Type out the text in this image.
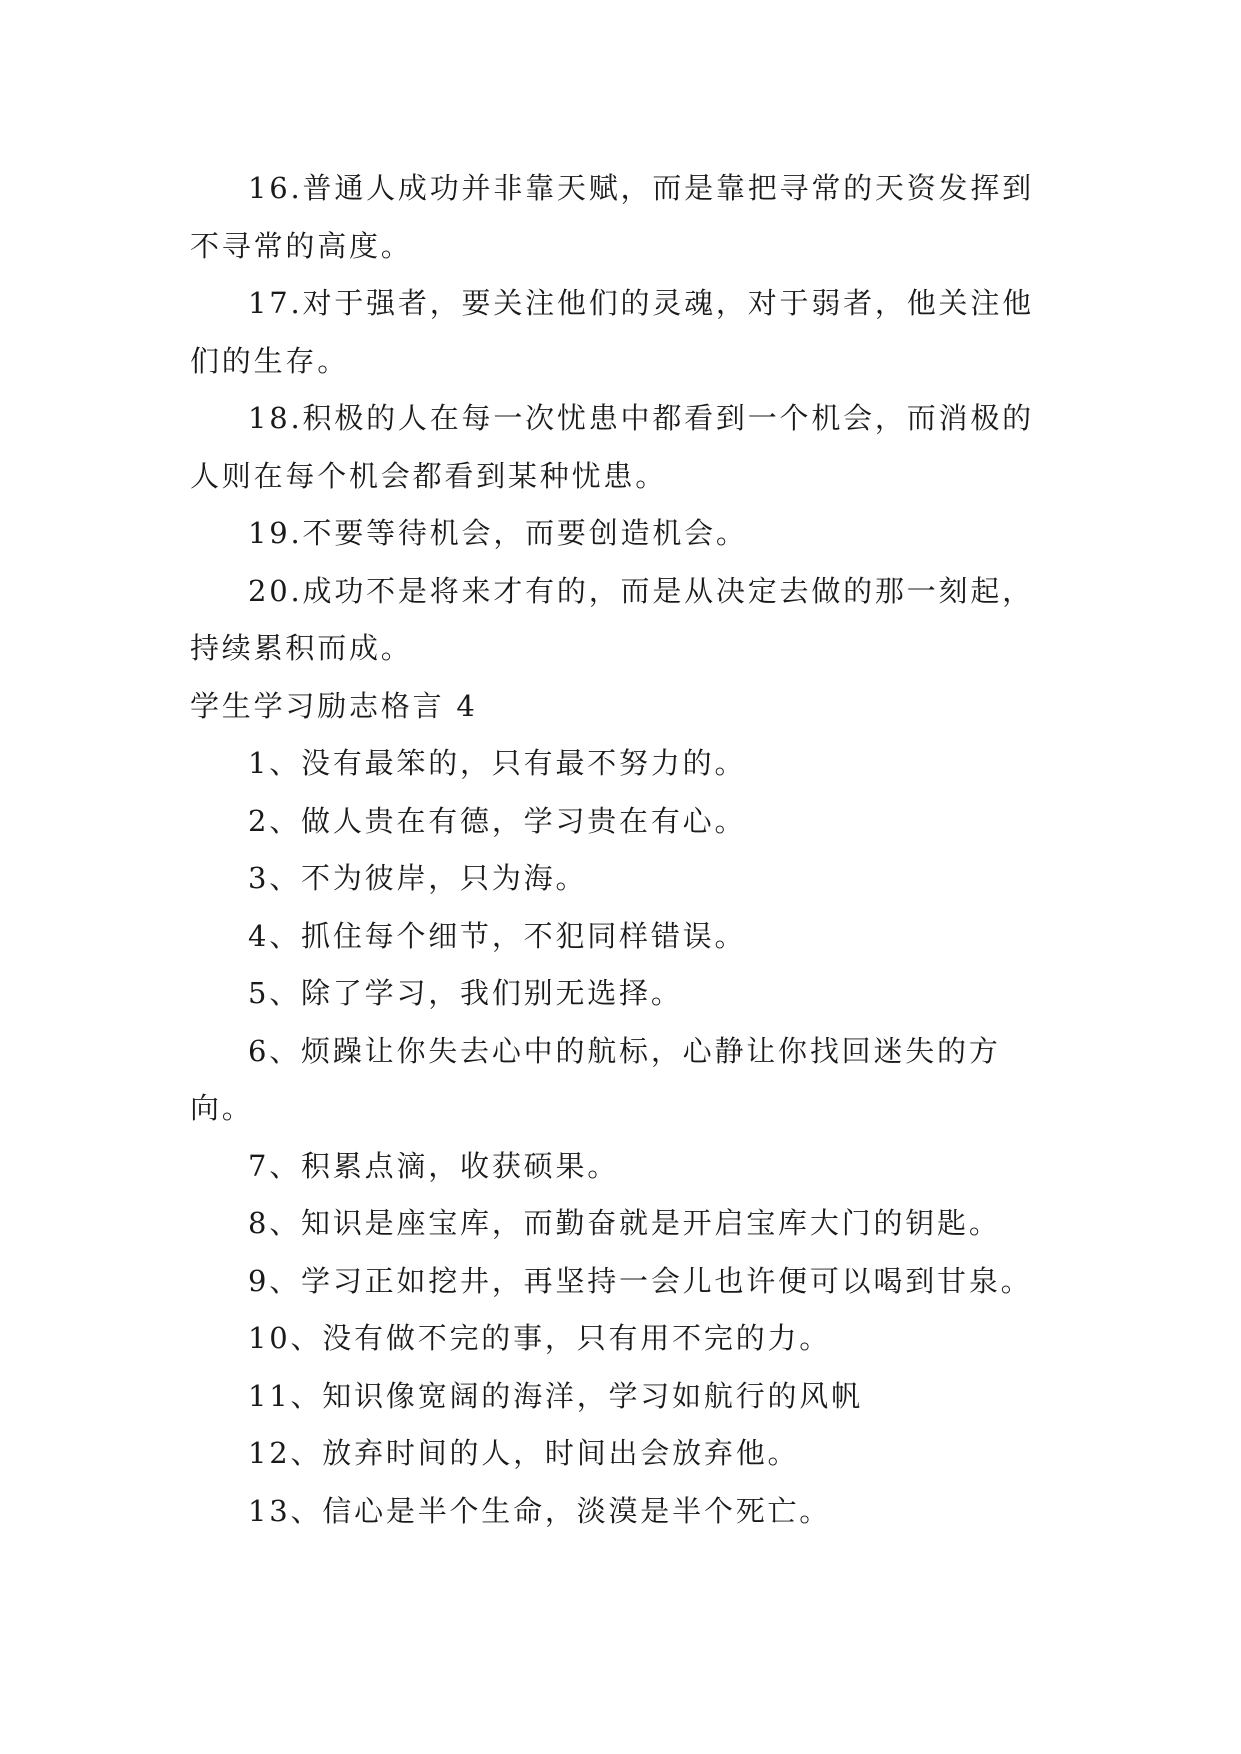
16.普通人成功并非靠天赋，而是靠把寻常的天资发挥到不寻常的高度。

17.对于强者，要关注他们的灵魂，对于弱者，他关注他们的生存。

18.积极的人在每一次忧患中都看到一个机会，而消极的人则在每个机会都看到某种忧患。

19.不要等待机会，而要创造机会。

20.成功不是将来才有的，而是从决定去做的那一刻起，持续累积而成。

学生学习励志格言 4

1、没有最笨的，只有最不努力的。

2、做人贵在有德，学习贵在有心。

3、不为彼岸，只为海。

4、抓住每个细节，不犯同样错误。

5、除了学习，我们别无选择。

6、烦躁让你失去心中的航标，心静让你找回迷失的方向。

7、积累点滴，收获硕果。

8、知识是座宝库，而勤奋就是开启宝库大门的钥匙。

9、学习正如挖井，再坚持一会儿也许便可以喝到甘泉。

10、没有做不完的事，只有用不完的力。

11、知识像宽阔的海洋，学习如航行的风帆

12、放弃时间的人，时间出会放弃他。

13、信心是半个生命，淡漠是半个死亡。
